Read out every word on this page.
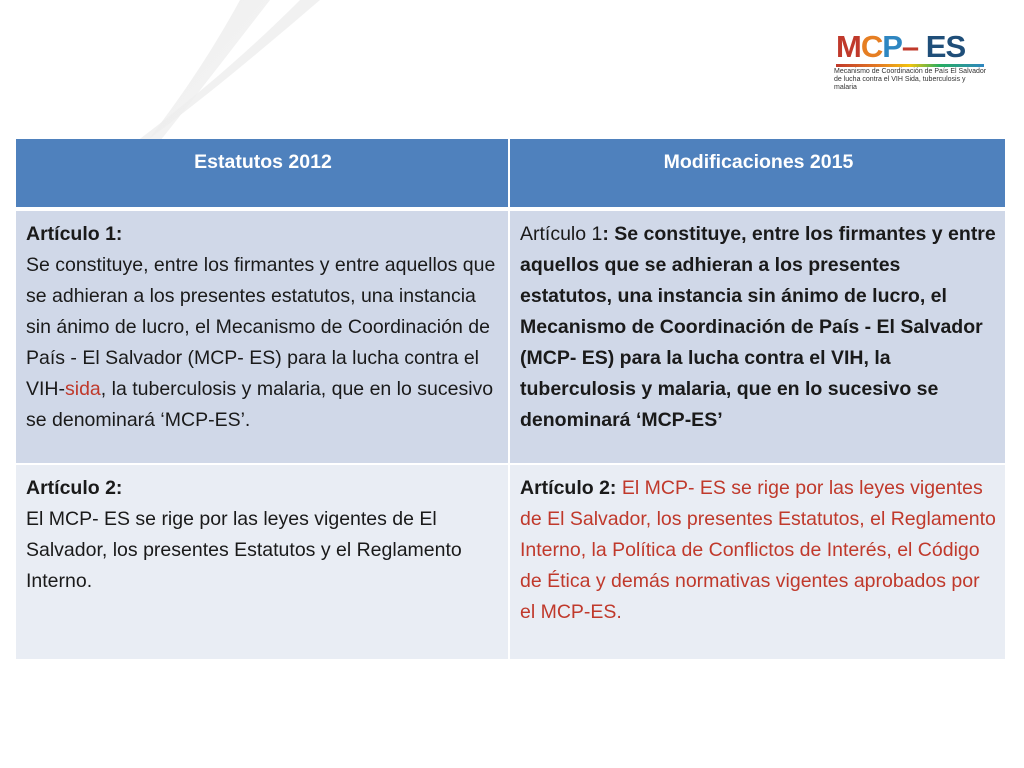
MCP– ES
Mecanismo de Coordinación de País El Salvador de lucha contra el VIH Sida, tuberculosis y malaria
Estatutos 2012	Modificaciones 2015
Artículo 1:
Se constituye, entre los firmantes y entre aquellos que se adhieran a los presentes estatutos, una instancia sin ánimo de lucro, el Mecanismo de Coordinación de País - El Salvador (MCP- ES) para la lucha contra el VIH-sida, la tuberculosis y malaria, que en lo sucesivo se denominará ‘MCP-ES’.
Artículo 1: Se constituye, entre los firmantes y entre aquellos que se adhieran a los presentes estatutos, una instancia sin ánimo de lucro, el Mecanismo de Coordinación de País - El Salvador (MCP- ES) para la lucha contra el VIH, la tuberculosis y malaria, que en lo sucesivo se denominará ‘MCP-ES’
Artículo 2:
El MCP- ES se rige por las leyes vigentes de El Salvador, los presentes Estatutos y el Reglamento Interno.
Artículo 2: El MCP- ES se rige por las leyes vigentes de El Salvador, los presentes Estatutos, el Reglamento Interno, la Política de Conflictos de Interés, el Código de Ética y demás normativas vigentes aprobados por el MCP-ES.
